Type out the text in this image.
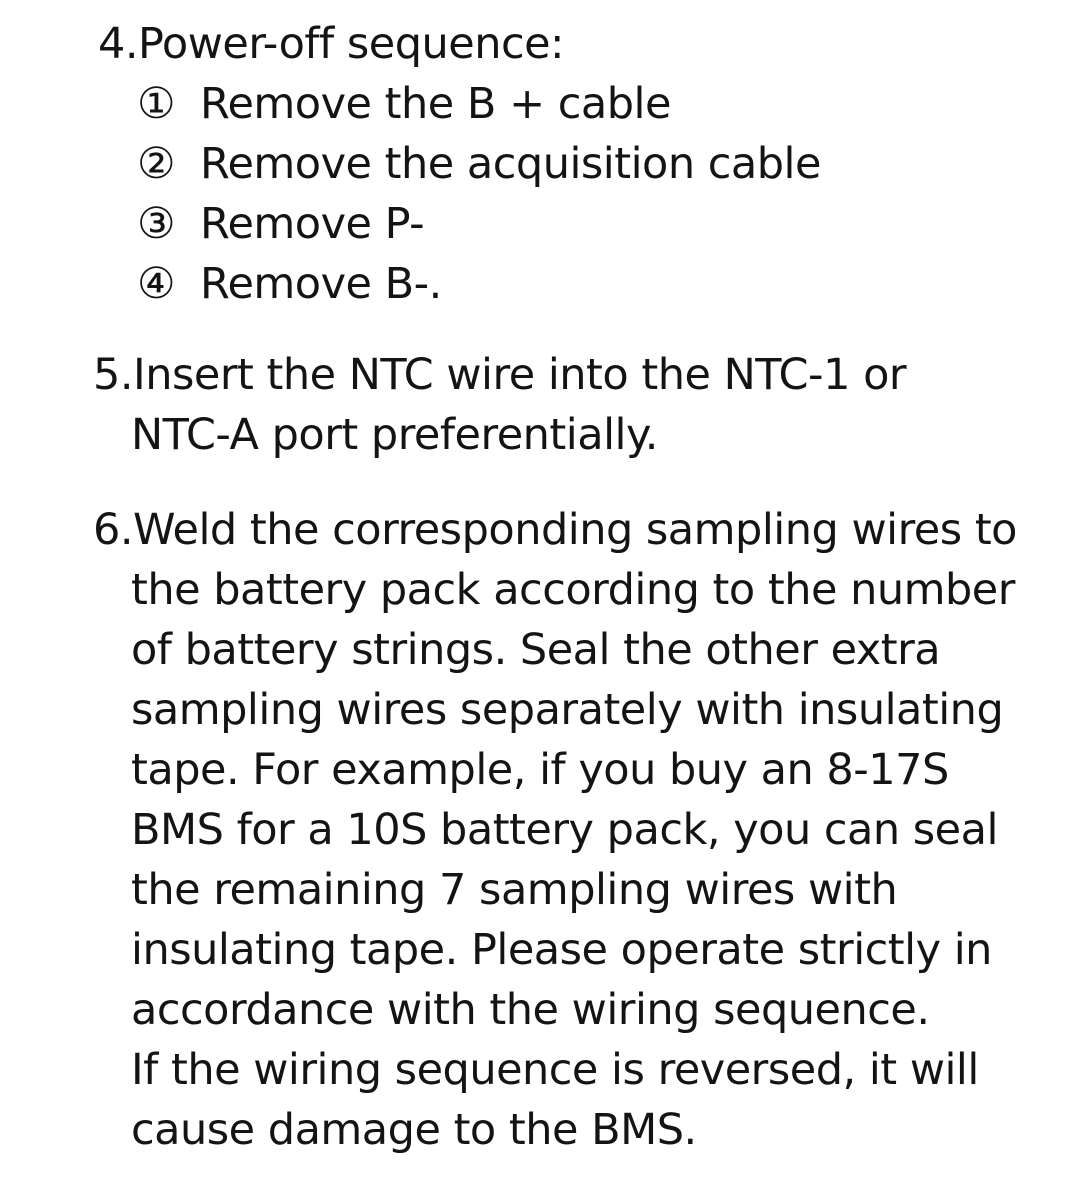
4.Power-off sequence:
① Remove the B + cable
② Remove the acquisition cable
③ Remove P-
④ Remove B-.
5.Insert the NTC wire into the NTC-1 or
NTC-A port preferentially.
6.Weld the corresponding sampling wires to
the battery pack according to the number
of battery strings. Seal the other extra
sampling wires separately with insulating
tape. For example, if you buy an 8-17S
BMS for a 10S battery pack, you can seal
the remaining 7 sampling wires with
insulating tape. Please operate strictly in
accordance with the wiring sequence.
If the wiring sequence is reversed, it will
cause damage to the BMS.
